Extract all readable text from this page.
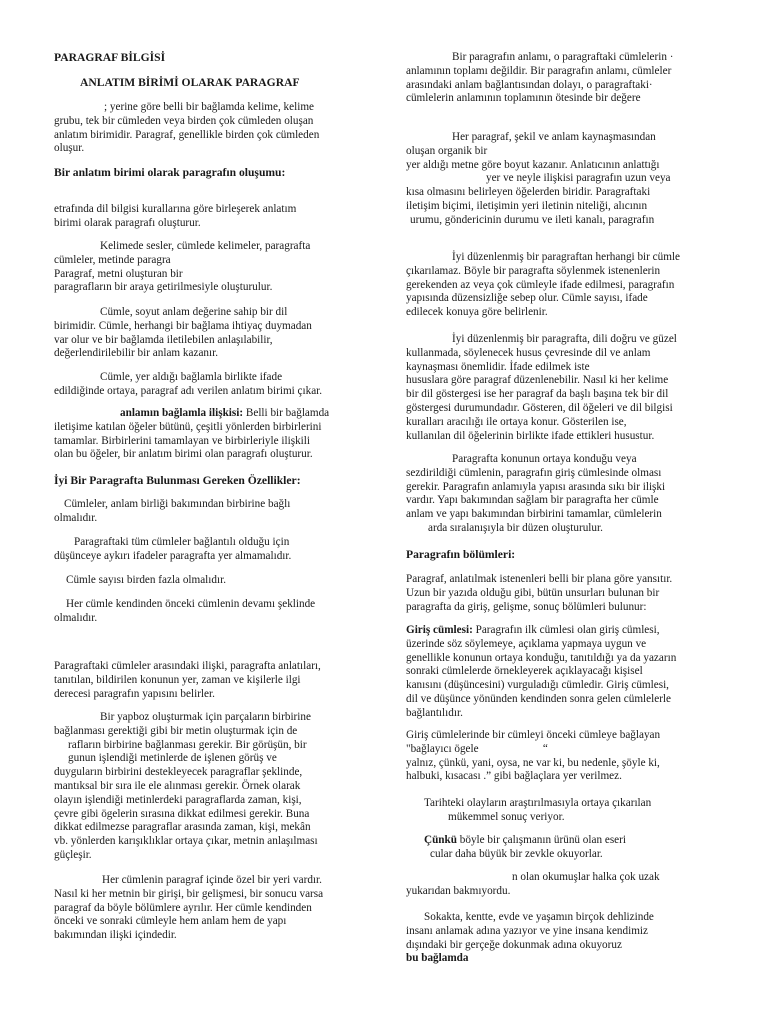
PARAGRAF BİLGİSİ

ANLATIM BİRİMİ OLARAK PARAGRAF

; yerine göre belli bir bağlamda kelime, kelime

grubu, tek bir cümleden veya birden çok cümleden oluşan

anlatım birimidir. Paragraf, genellikle birden çok cümleden

oluşur.

Bir anlatım birimi olarak paragrafın oluşumu:

etrafında dil bilgisi kurallarına göre birleşerek anlatım

birimi olarak paragrafı oluşturur.

Kelimede sesler, cümlede kelimeler, paragrafta

cümleler, metinde paragra

Paragraf, metni oluşturan bir

paragrafların bir araya getirilmesiyle oluşturulur.

Cümle, soyut anlam değerine sahip bir dil

birimidir. Cümle, herhangi bir bağlama ihtiyaç duymadan

var olur ve bir bağlamda iletilebilen anlaşılabilir,

değerlendirilebilir bir anlam kazanır.

Cümle, yer aldığı bağlamla birlikte ifade

edildiğinde ortaya, paragraf adı verilen anlatım birimi çıkar.

anlamın bağlamla ilişkisi: Belli bir bağlamda

iletişime katılan öğeler bütünü, çeşitli yönlerden birbirlerini

tamamlar. Birbirlerini tamamlayan ve birbirleriyle ilişkili

olan bu öğeler, bir anlatım birimi olan paragrafı oluşturur.

İyi Bir Paragrafta Bulunması Gereken Özellikler:

Cümleler, anlam birliği bakımından birbirine bağlı

olmalıdır.

Paragraftaki tüm cümleler bağlantılı olduğu için

düşünceye aykırı ifadeler paragrafta yer almamalıdır.

Cümle sayısı birden fazla olmalıdır.

Her cümle kendinden önceki cümlenin devamı şeklinde

olmalıdır.

Paragraftaki cümleler arasındaki ilişki, paragrafta anlatıları,

tanıtılan, bildirilen konunun yer, zaman ve kişilerle ilgi

derecesi paragrafın yapısını belirler.

Bir yapboz oluşturmak için parçaların birbirine

bağlanması gerektiği gibi bir metin oluşturmak için de

rafların birbirine bağlanması gerekir. Bir görüşün, bir

gunun işlendiği metinlerde de işlenen görüş ve

duyguların birbirini destekleyecek paragraflar şeklinde,

mantıksal bir sıra ile ele alınması gerekir. Örnek olarak

olayın işlendiği metinlerdeki paragraflarda zaman, kişi,

çevre gibi ögelerin sırasına dikkat edilmesi gerekir. Buna

dikkat edilmezse paragraflar arasında zaman, kişi, mekân

vb. yönlerden karışıklıklar ortaya çıkar, metnin anlaşılması

güçleşir.

Her cümlenin paragraf içinde özel bir yeri vardır.

Nasıl ki her metnin bir girişi, bir gelişmesi, bir sonucu varsa

paragraf da böyle bölümlere ayrılır. Her cümle kendinden

önceki ve sonraki cümleyle hem anlam hem de yapı

bakımından ilişki içindedir.

Bir paragrafın anlamı, o paragraftaki cümlelerin ·

anlamının toplamı değildir. Bir paragrafın anlamı, cümleler

arasındaki anlam bağlantısından dolayı, o paragraftaki·

cümlelerin anlamının toplamının ötesinde bir değere

Her paragraf, şekil ve anlam kaynaşmasından

oluşan organik bir

yer aldığı metne göre boyut kazanır. Anlatıcının anlattığı

yer ve neyle ilişkisi paragrafın uzun veya

kısa olmasını belirleyen öğelerden biridir. Paragraftaki

iletişim biçimi, iletişimin yeri iletinin niteliği, alıcının

urumu, göndericinin durumu ve ileti kanalı, paragrafın

İyi düzenlenmiş bir paragraftan herhangi bir cümle

çıkarılamaz. Böyle bir paragrafta söylenmek istenenlerin

gerekenden az veya çok cümleyle ifade edilmesi, paragrafın

yapısında düzensizliğe sebep olur. Cümle sayısı, ifade

edilecek konuya göre belirlenir.

İyi düzenlenmiş bir paragrafta, dili doğru ve güzel

kullanmada, söylenecek husus çevresinde dil ve anlam

kaynaşması önemlidir. İfade edilmek iste

hususlara göre paragraf düzenlenebilir. Nasıl ki her kelime

bir dil göstergesi ise her paragraf da başlı başına tek bir dil

göstergesi durumundadır. Gösteren, dil öğeleri ve dil bilgisi

kuralları aracılığı ile ortaya konur. Gösterilen ise,

kullanılan dil öğelerinin birlikte ifade ettikleri husustur.

Paragrafta konunun ortaya konduğu veya

sezdirildiği cümlenin, paragrafın giriş cümlesinde olması

gerekir. Paragrafın anlamıyla yapısı arasında sıkı bir ilişki

vardır. Yapı bakımından sağlam bir paragrafta her cümle

anlam ve yapı bakımından birbirini tamamlar, cümlelerin

arda sıralanışıyla bir düzen oluşturulur.

Paragrafın bölümleri:

Paragraf, anlatılmak istenenleri belli bir plana göre yansıtır.

Uzun bir yazıda olduğu gibi, bütün unsurları bulunan bir

paragrafta da giriş, gelişme, sonuç bölümleri bulunur:

Giriş cümlesi: Paragrafın ilk cümlesi olan giriş cümlesi,

üzerinde söz söylemeye, açıklama yapmaya uygun ve

genellikle konunun ortaya konduğu, tanıtıldığı ya da yazarın

sonraki cümlelerde örnekleyerek açıklayacağı kişisel

kanısını (düşüncesini) vurguladığı cümledir. Giriş cümlesi,

dil ve düşünce yönünden kendinden sonra gelen cümlelerle

bağlantılıdır.

Giriş cümlelerinde bir cümleyi önceki cümleye bağlayan

"bağlayıcı ögele                       “

yalnız, çünkü, yani, oysa, ne var ki, bu nedenle, şöyle ki,

halbuki, kısacası .” gibi bağlaçlara yer verilmez.

Tarihteki olayların araştırılmasıyla ortaya çıkarılan

mükemmel sonuç veriyor.

Çünkü böyle bir çalışmanın ürünü olan eseri

cular daha büyük bir zevkle okuyorlar.

n olan okumuşlar halka çok uzak

yukarıdan bakmıyordu.

Sokakta, kentte, evde ve yaşamın birçok dehlizinde

insanı anlamak adına yazıyor ve yine insana kendimiz

dışındaki bir gerçeğe dokunmak adına okuyoruz

bu bağlamda
